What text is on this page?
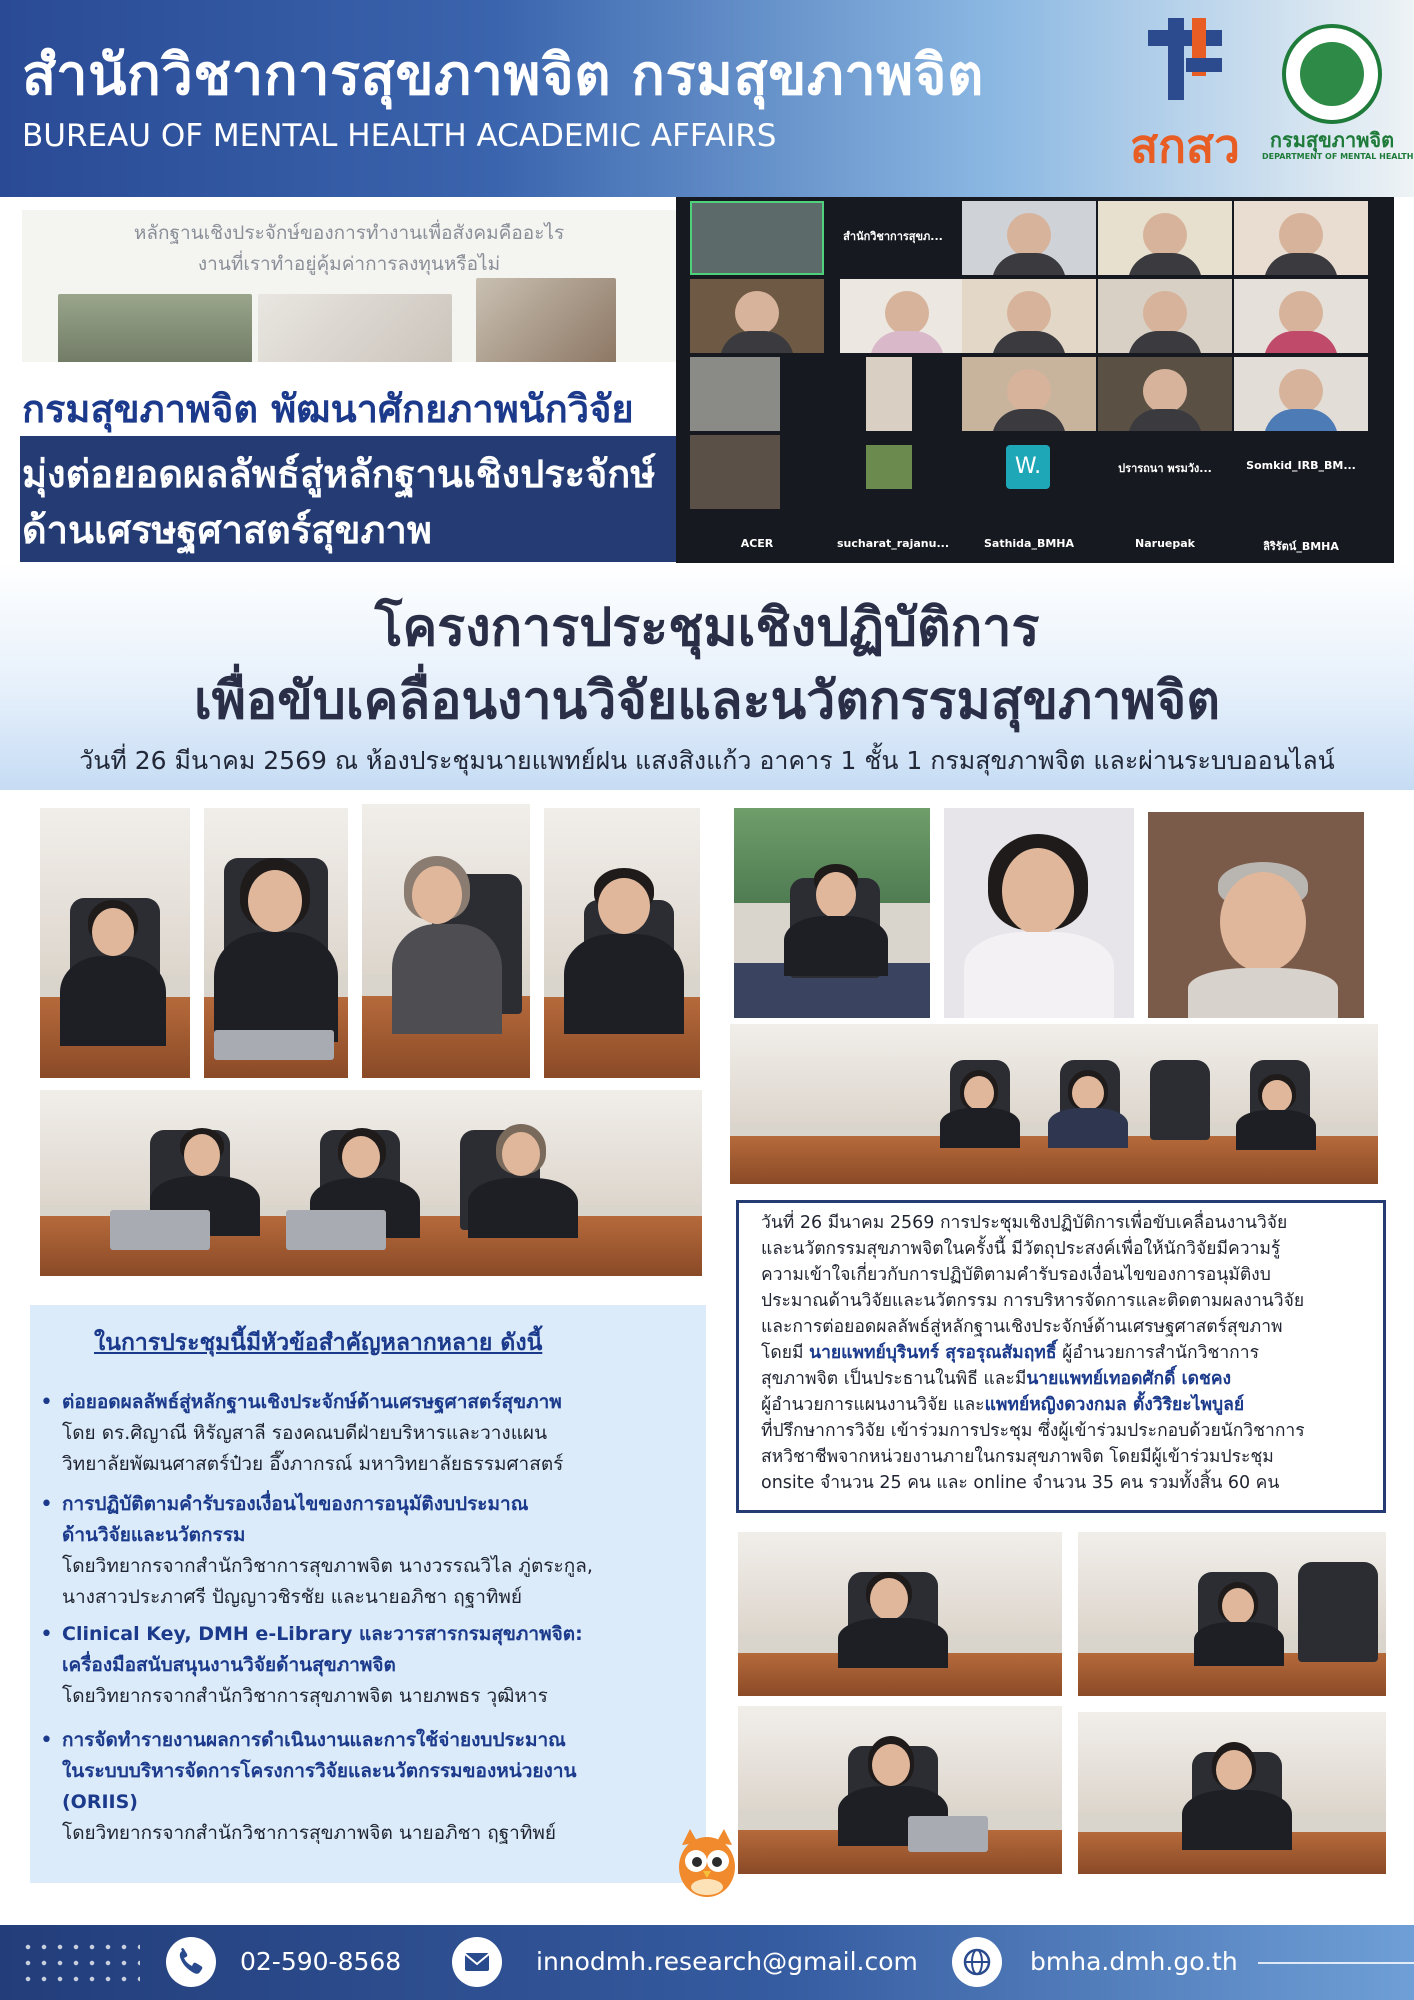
สำนักวิชาการสุขภาพจิต กรมสุขภาพจิต
BUREAU OF MENTAL HEALTH ACADEMIC AFFAIRS	สกสว	กรมสุขภาพจิต
DEPARTMENT OF MENTAL HEALTH
หลักฐานเชิงประจักษ์ของการทำงานเพื่อสังคมคืออะไร
งานที่เราทำอยู่คุ้มค่าการลงทุนหรือไม่
กรมสุขภาพจิต พัฒนาศักยภาพนักวิจัย
มุ่งต่อยอดผลลัพธ์สู่หลักฐานเชิงประจักษ์
ด้านเศรษฐศาสตร์สุขภาพ
สำนักวิชาการสุขภ...
W.	ปรารถนา พรมวัง...	Somkid_IRB_BM...
ACER	sucharat_rajanu...	Sathida_BMHA	Naruepak	ลิริรัตน์_BMHA
โครงการประชุมเชิงปฏิบัติการ
เพื่อขับเคลื่อนงานวิจัยและนวัตกรรมสุขภาพจิต
วันที่ 26 มีนาคม 2569 ณ ห้องประชุมนายแพทย์ฝน แสงสิงแก้ว อาคาร 1 ชั้น 1 กรมสุขภาพจิต และผ่านระบบออนไลน์

วันที่ 26 มีนาคม 2569 การประชุมเชิงปฏิบัติการเพื่อขับเคลื่อนงานวิจัย

และนวัตกรรมสุขภาพจิตในครั้งนี้ มีวัตถุประสงค์เพื่อให้นักวิจัยมีความรู้

ความเข้าใจเกี่ยวกับการปฏิบัติตามคำรับรองเงื่อนไขของการอนุมัติงบ

ประมาณด้านวิจัยและนวัตกรรม การบริหารจัดการและติดตามผลงานวิจัย

และการต่อยอดผลลัพธ์สู่หลักฐานเชิงประจักษ์ด้านเศรษฐศาสตร์สุขภาพ

โดยมี นายแพทย์บุรินทร์ สุรอรุณสัมฤทธิ์ ผู้อำนวยการสำนักวิชาการ

สุขภาพจิต เป็นประธานในพิธี และมีนายแพทย์เทอดศักดิ์ เดชคง

ผู้อำนวยการแผนงานวิจัย และแพทย์หญิงดวงกมล ตั้งวิริยะไพบูลย์

ที่ปรึกษาการวิจัย เข้าร่วมการประชุม ซึ่งผู้เข้าร่วมประกอบด้วยนักวิชาการ

สหวิชาชีพจากหน่วยงานภายในกรมสุขภาพจิต โดยมีผู้เข้าร่วมประชุม

onsite จำนวน 25 คน และ online จำนวน 35 คน รวมทั้งสิ้น 60 คน

ในการประชุมนี้มีหัวข้อสำคัญหลากหลาย ดังนี้
• ต่อยอดผลลัพธ์สู่หลักฐานเชิงประจักษ์ด้านเศรษฐศาสตร์สุขภาพ
โดย ดร.ศิญาณี หิรัญสาลี รองคณบดีฝ่ายบริหารและวางแผน
วิทยาลัยพัฒนศาสตร์ป๋วย อึ๊งภากรณ์ มหาวิทยาลัยธรรมศาสตร์
• การปฏิบัติตามคำรับรองเงื่อนไขของการอนุมัติงบประมาณ
ด้านวิจัยและนวัตกรรม
โดยวิทยากรจากสำนักวิชาการสุขภาพจิต นางวรรณวิไล ภู่ตระกูล,
นางสาวประภาศรี ปัญญาวชิรชัย และนายอภิชา ฤฐาทิพย์
• Clinical Key, DMH e-Library และวารสารกรมสุขภาพจิต:
เครื่องมือสนับสนุนงานวิจัยด้านสุขภาพจิต
โดยวิทยากรจากสำนักวิชาการสุขภาพจิต นายภพธร วุฒิหาร
• การจัดทำรายงานผลการดำเนินงานและการใช้จ่ายงบประมาณ
ในระบบบริหารจัดการโครงการวิจัยและนวัตกรรมของหน่วยงาน
(ORIIS)
โดยวิทยากรจากสำนักวิชาการสุขภาพจิต นายอภิชา ฤฐาทิพย์
02-590-8568	innodmh.research@gmail.com	bmha.dmh.go.th
